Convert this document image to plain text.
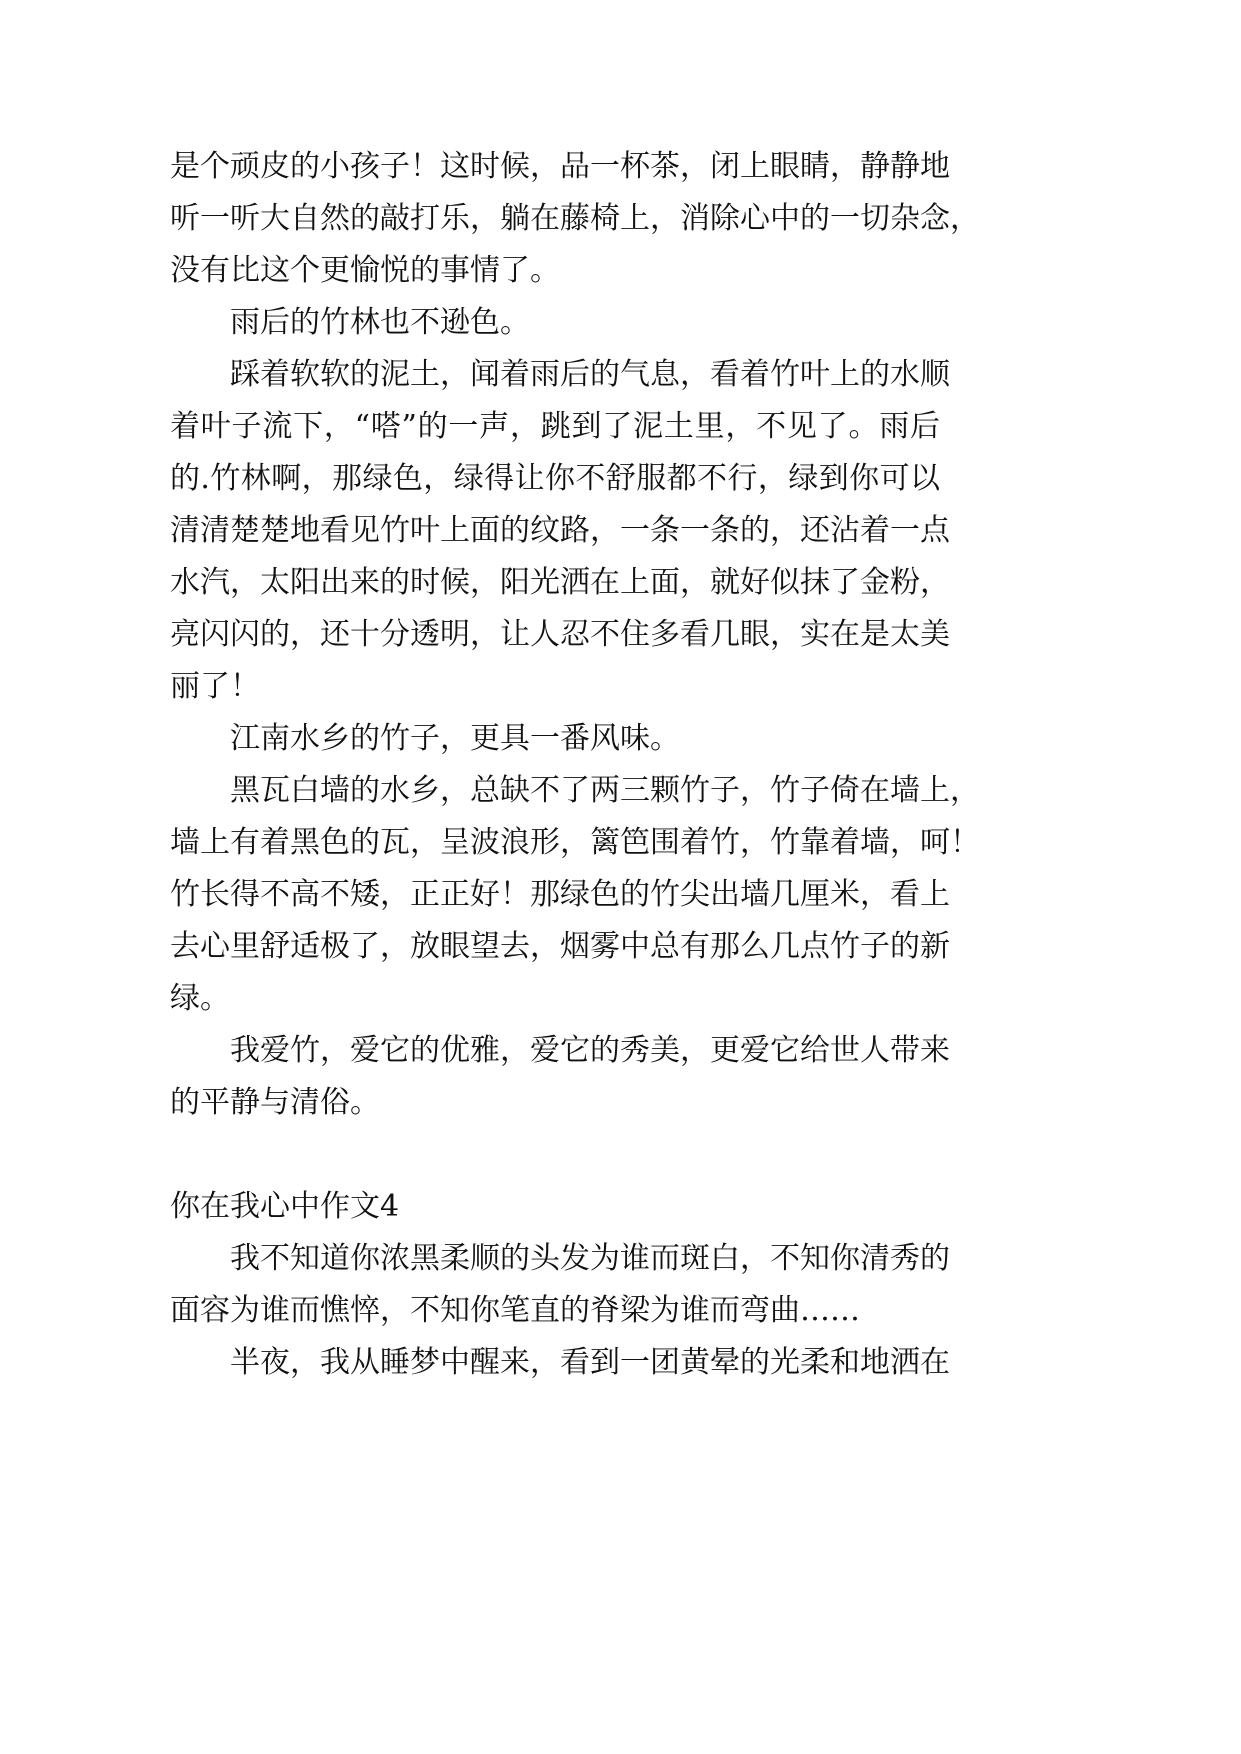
是个顽皮的小孩子！这时候，品一杯茶，闭上眼睛，静静地
听一听大自然的敲打乐，躺在藤椅上，消除心中的一切杂念，
没有比这个更愉悦的事情了。

雨后的竹林也不逊色。

踩着软软的泥土，闻着雨后的气息，看着竹叶上的水顺
着叶子流下，“嗒”的一声，跳到了泥土里，不见了。雨后
的.竹林啊，那绿色，绿得让你不舒服都不行，绿到你可以
清清楚楚地看见竹叶上面的纹路，一条一条的，还沾着一点
水汽，太阳出来的时候，阳光洒在上面，就好似抹了金粉，
亮闪闪的，还十分透明，让人忍不住多看几眼，实在是太美
丽了！

江南水乡的竹子，更具一番风味。

黑瓦白墙的水乡，总缺不了两三颗竹子，竹子倚在墙上，
墙上有着黑色的瓦，呈波浪形，篱笆围着竹，竹靠着墙，呵！
竹长得不高不矮，正正好！那绿色的竹尖出墙几厘米，看上
去心里舒适极了，放眼望去，烟雾中总有那么几点竹子的新
绿。

我爱竹，爱它的优雅，爱它的秀美，更爱它给世人带来
的平静与清俗。

你在我心中作文4

我不知道你浓黑柔顺的头发为谁而斑白，不知你清秀的
面容为谁而憔悴，不知你笔直的脊梁为谁而弯曲……

半夜，我从睡梦中醒来，看到一团黄晕的光柔和地洒在
